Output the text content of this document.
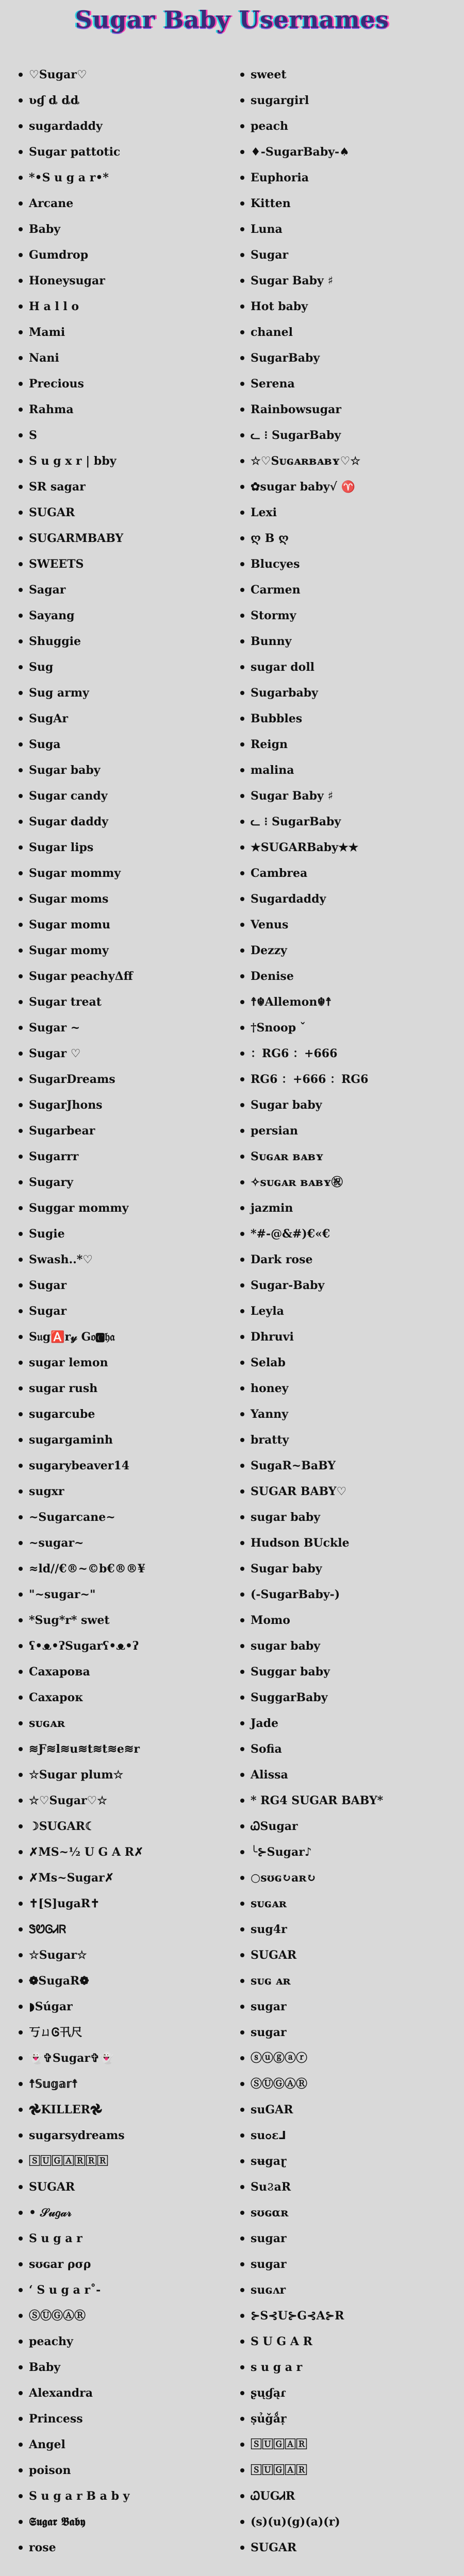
Sugar Baby Usernames
♡Sugar♡
ʋɠ ȡ ȡȡ
sugardaddy
Sugar pattotic
*•S u g a r•*
Arcane
Baby
Gumdrop
Honeysugar
H a l l o
Mami
Nani
Precious
Rahma
S
S u g x r | bby
SR sagar
SUGAR
SUGARMBABY
SWEETS
Sagar
Sayang
Shuggie
Sug
Sug army
SugAr
Suga
Sugar baby
Sugar candy
Sugar daddy
Sugar lips
Sugar mommy
Sugar moms
Sugar momu
Sugar momy
Sugar peachyΔff
Sugar treat
Sugar ~
Sugar ♡
SugarDreams
SugarJhons
Sugarbear
Sugarrr
Sugary
Suggar mommy
Sugie
Swash..*♡
Sugar
Sugar
S𝔲g🅰️r𝓎 G𝔬🅲𝔥𝔞
sugar lemon
sugar rush
sugarcube
sugargaminh
sugarybeaver14
sugxr
~Sugarcane~
~sugar~
≈ld//€®~©b€®®¥
"~sugar~"
*Sug*r* swet
ʕ•ᴥ•ʔSugarʕ•ᴥ•ʔ
Сахарова
Сахарок
sᴜɢᴀʀ
≋Ƒ≋l≋u≋t≋t≋e≋r
☆Sugar plum☆
☆♡Sugar♡☆
☽SUGAR☾
✗MS~½ U G A R✗
✗Ms~Sugar✗
✝[S]ugaR✝
ᏕᏬᎶᏗᏒ
☆Sugar☆
❁SugaR❁
◗Súgar
丂ㄩᎶ卂尺
👻✞Sugar✞👻
☨𝕊𝕦𝕘𝕒𝕣☨
𖣘KILLER𖣘
sugarsydreams
🅂🅄🄶🄰🅁🅁🅁
SUGAR
• 𝒮𝓊𝑔𝒶𝓇
S u g a r
sʊɢar ρσρ
‘ S u g a r˚-
ⓈⓊⒼⒶⓇ
peachy
Baby
Alexandra
Princess
Angel
poison
S u g a r B a b y
𝕾𝖚𝖌𝖆𝖗 𝕭𝖆𝖇𝖞
rose
sweet
sugargirl
peach
♦-SugarBaby-♠
Euphoria
Kitten
Luna
Sugar
Sugar Baby ♯
Hot baby
chanel
SugarBaby
Serena
Rainbowsugar
ᓚ ⁝ SugarBaby
☆♡Sᴜɢᴀʀʙᴀʙʏ♡☆
✿sugar baby√ ♈
Lexi
ღ B ღ
Blucyes
Carmen
Stormy
Bunny
sugar doll
Sugarbaby
Bubbles
Reign
malina
Sugar Baby ♯
ᓚ ⁝ SugarBaby
★SUGARBaby★★
Cambrea
Sugardaddy
Venus
Dezzy
Denise
☨☬Allemon☬☨
†Snoop ˇ
：RG6 ：+666
RG6 ：+666 ：RG6
Sugar baby
persian
Sᴜɢᴀʀ ʙᴀʙʏ
✧sᴜɢᴀʀ ʙᴀʙʏ㊗
jazmin
*#-@&#)€«€
Dark rose
Sugar-Baby
Leyla
Dhruvi
Selab
honey
Yanny
bratty
SugaR~BaBY
SUGAR BABY♡
sugar baby
Hudson BUckle
Sugar baby
(-SugarBaby-)
Momo
sugar baby
Suggar baby
SuggarBaby
Jade
Sofia
Alissa
* RG4 SUGAR BABY*
ᏇSugar
╰⊱Sugar♪
○sʊɢ↻aʀ↻
sᴜɢᴀʀ
sug4r
SUGAR
sᴜɢ ᴀʀ
sugar
sugar
ⓢⓤⓖⓐⓡ
ⓈⓊⒼⒶⓇ
suGAR
suߋɛ⅃
sʉgaɽ
SuϨaR
sʊɢαʀ
suɡar
suɡar
suɢʌr
⊱S⊰U⊱G⊰A⊱R
S U G A R
s u g a r
ʂųɠąɾ
ṣủǧǻṛ
🅂🅄🄶🄰🅁
🅂🅄🄶🄰🅁
ᏇUGᏗR
(s)(u)(g)(a)(r)
SUGAR
